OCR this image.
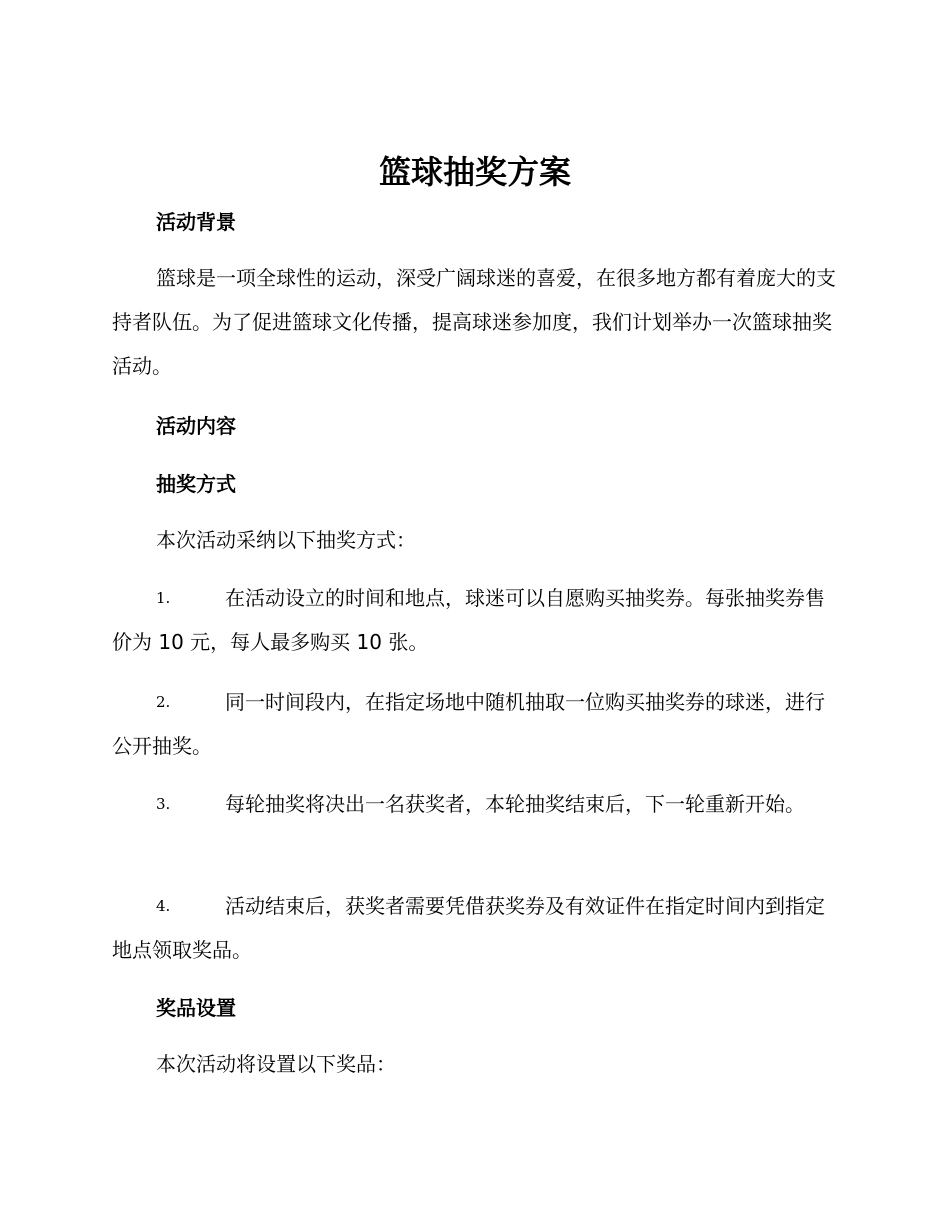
篮球抽奖方案
活动背景

篮球是一项全球性的运动，深受广阔球迷的喜爱，在很多地方都有着庞大的支持者队伍。为了促进篮球文化传播，提高球迷参加度，我们计划举办一次篮球抽奖活动。

活动内容
抽奖方式

本次活动采纳以下抽奖方式：

1.	在活动设立的时间和地点，球迷可以自愿购买抽奖券。每张抽奖券售价为 10 元，每人最多购买 10 张。

2.	同一时间段内，在指定场地中随机抽取一位购买抽奖券的球迷，进行公开抽奖。

3.	每轮抽奖将决出一名获奖者，本轮抽奖结束后，下一轮重新开始。

4.	活动结束后，获奖者需要凭借获奖券及有效证件在指定时间内到指定地点领取奖品。

奖品设置

本次活动将设置以下奖品：
